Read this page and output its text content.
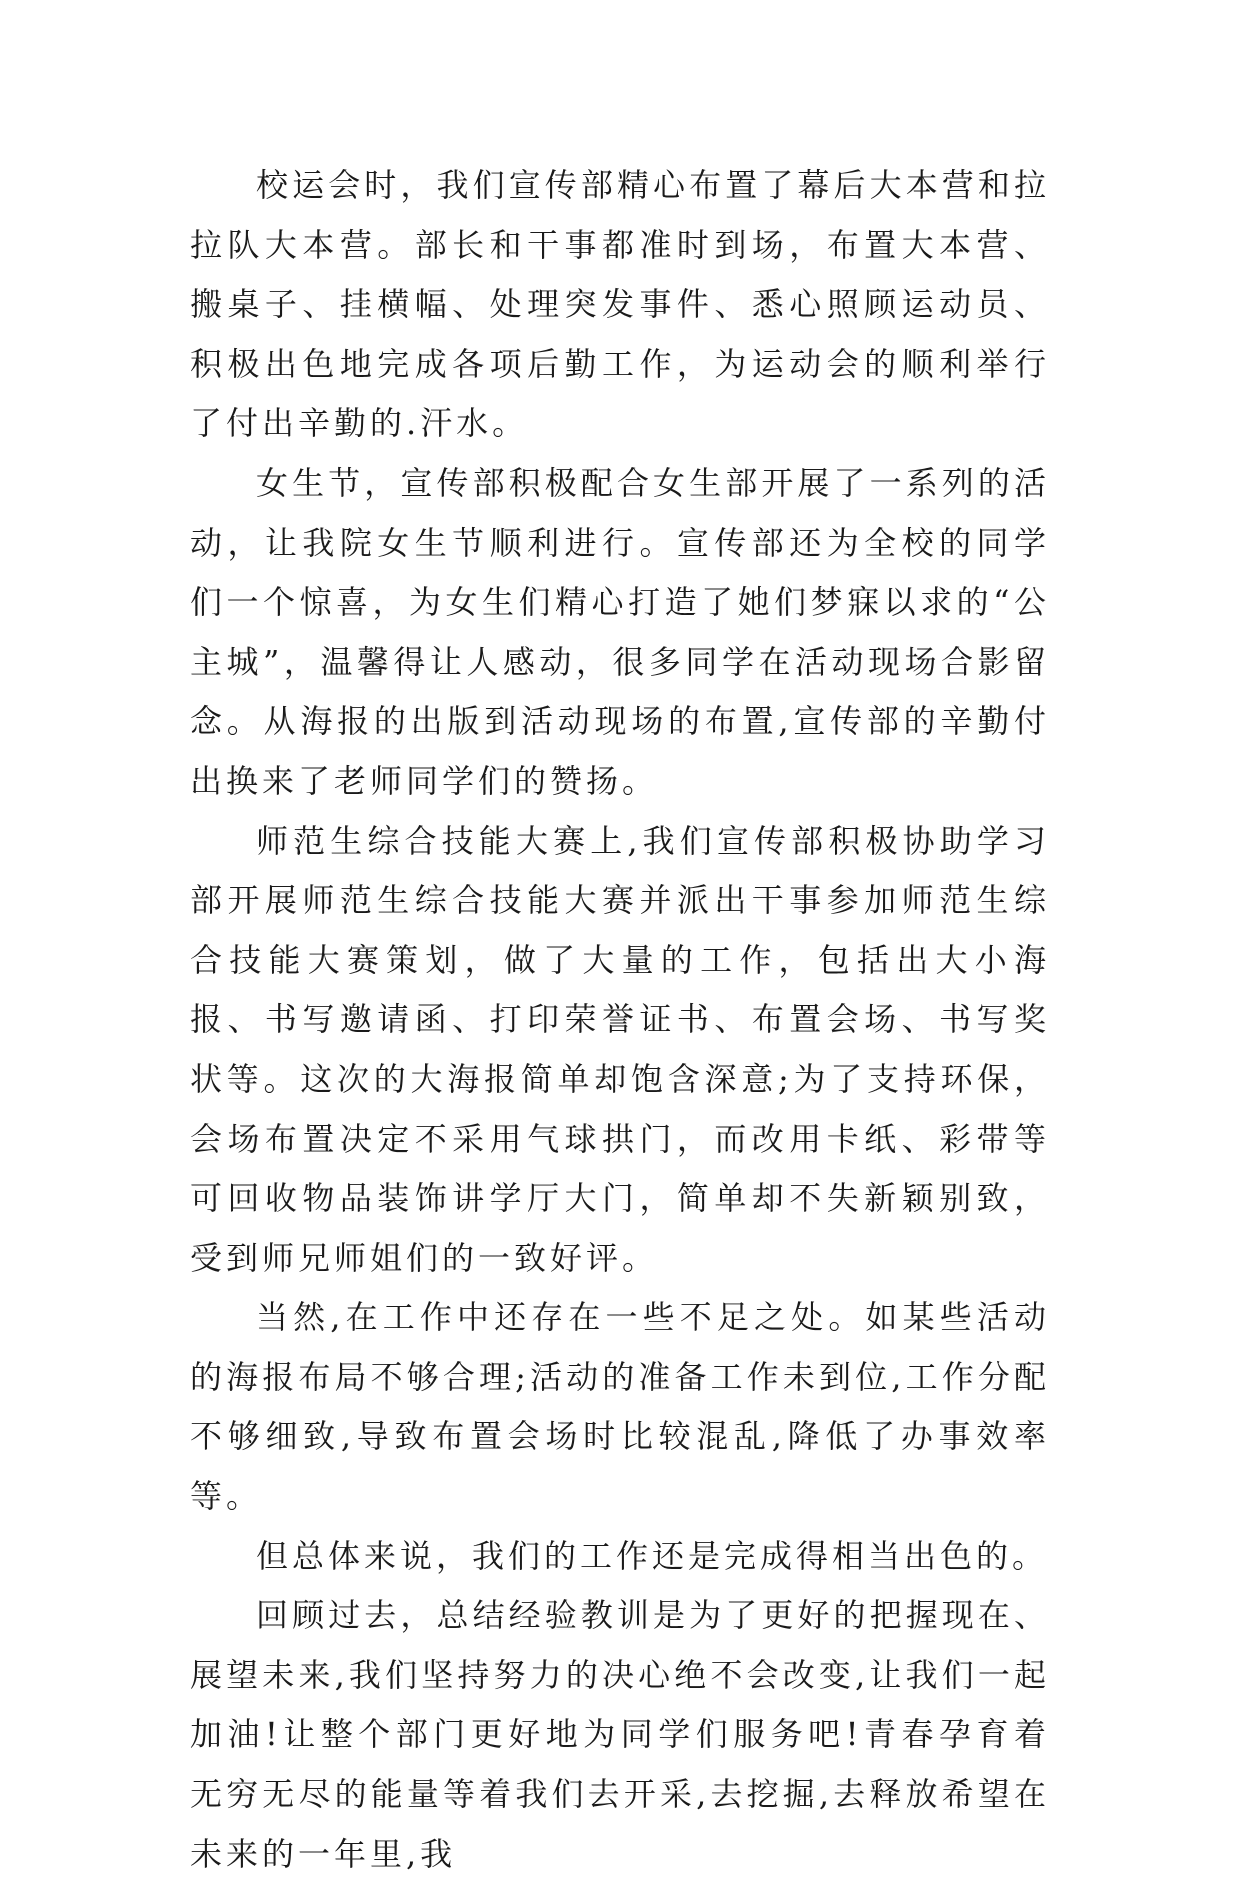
校运会时，我们宣传部精心布置了幕后大本营和拉拉队大本营。部长和干事都准时到场，布置大本营、搬桌子、挂横幅、处理突发事件、悉心照顾运动员、积极出色地完成各项后勤工作，为运动会的顺利举行了付出辛勤的.汗水。

女生节，宣传部积极配合女生部开展了一系列的活动，让我院女生节顺利进行。宣传部还为全校的同学们一个惊喜，为女生们精心打造了她们梦寐以求的“公主城”，温馨得让人感动，很多同学在活动现场合影留念。从海报的出版到活动现场的布置,宣传部的辛勤付出换来了老师同学们的赞扬。

师范生综合技能大赛上,我们宣传部积极协助学习部开展师范生综合技能大赛并派出干事参加师范生综合技能大赛策划，做了大量的工作，包括出大小海报、书写邀请函、打印荣誉证书、布置会场、书写奖状等。这次的大海报简单却饱含深意;为了支持环保，会场布置决定不采用气球拱门，而改用卡纸、彩带等可回收物品装饰讲学厅大门，简单却不失新颖别致，受到师兄师姐们的一致好评。

当然,在工作中还存在一些不足之处。如某些活动的海报布局不够合理;活动的准备工作未到位,工作分配不够细致,导致布置会场时比较混乱,降低了办事效率等。

但总体来说，我们的工作还是完成得相当出色的。

回顾过去，总结经验教训是为了更好的把握现在、展望未来,我们坚持努力的决心绝不会改变,让我们一起加油!让整个部门更好地为同学们服务吧!青春孕育着无穷无尽的能量等着我们去开采,去挖掘,去释放希望在未来的一年里,我
